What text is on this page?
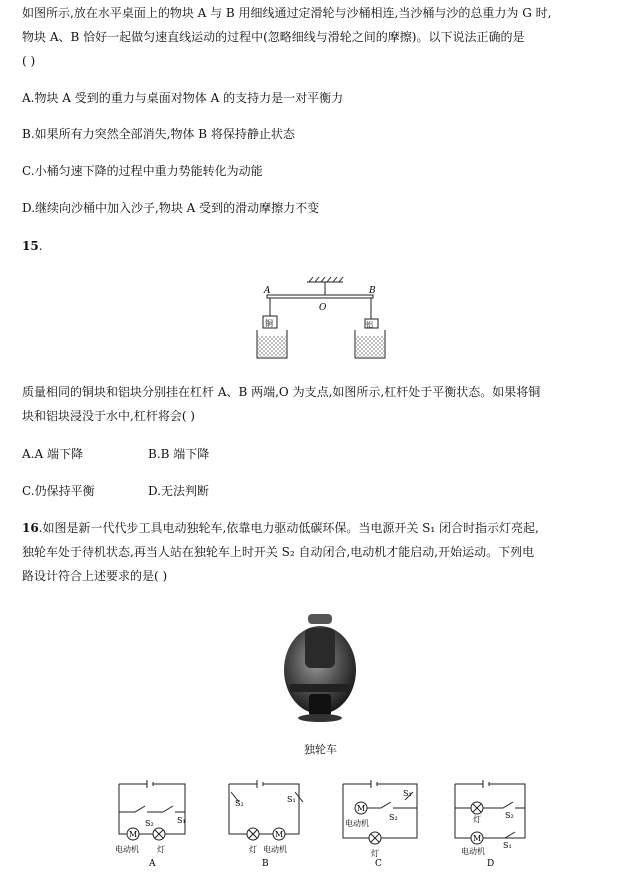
如图所示,放在水平桌面上的物块 A 与 B 用细线通过定滑轮与沙桶相连,当沙桶与沙的总重力为 G 时,
物块 A、B 恰好一起做匀速直线运动的过程中(忽略细线与滑轮之间的摩擦)。以下说法正确的是
( )
A.物块 A 受到的重力与桌面对物体 A 的支持力是一对平衡力
B.如果所有力突然全部消失,物体 B 将保持静止状态
C.小桶匀速下降的过程中重力势能转化为动能
D.继续向沙桶中加入沙子,物块 A 受到的滑动摩擦力不变
15.
A
O
B
铜	铝
质量相同的铜块和铝块分别挂在杠杆 A、B 两端,O 为支点,如图所示,杠杆处于平衡状态。如果将铜
块和铝块浸没于水中,杠杆将会( )
A.A 端下降	B.B 端下降
C.仍保持平衡	D.无法判断
16.如图是新一代代步工具电动独轮车,依靠电力驱动低碳环保。当电源开关 S₁ 闭合时指示灯亮起,
独轮车处于待机状态,再当人站在独轮车上时开关 S₂ 自动闭合,电动机才能启动,开始运动。下列电
路设计符合上述要求的是( )
独轮车
S₂	S₁
M
电动机 灯
A
S₂	S₁
灯
M
电动机
B
S₁
M
电动机
S₂
灯
C
灯	S₂
M
电动机
S₁
D
